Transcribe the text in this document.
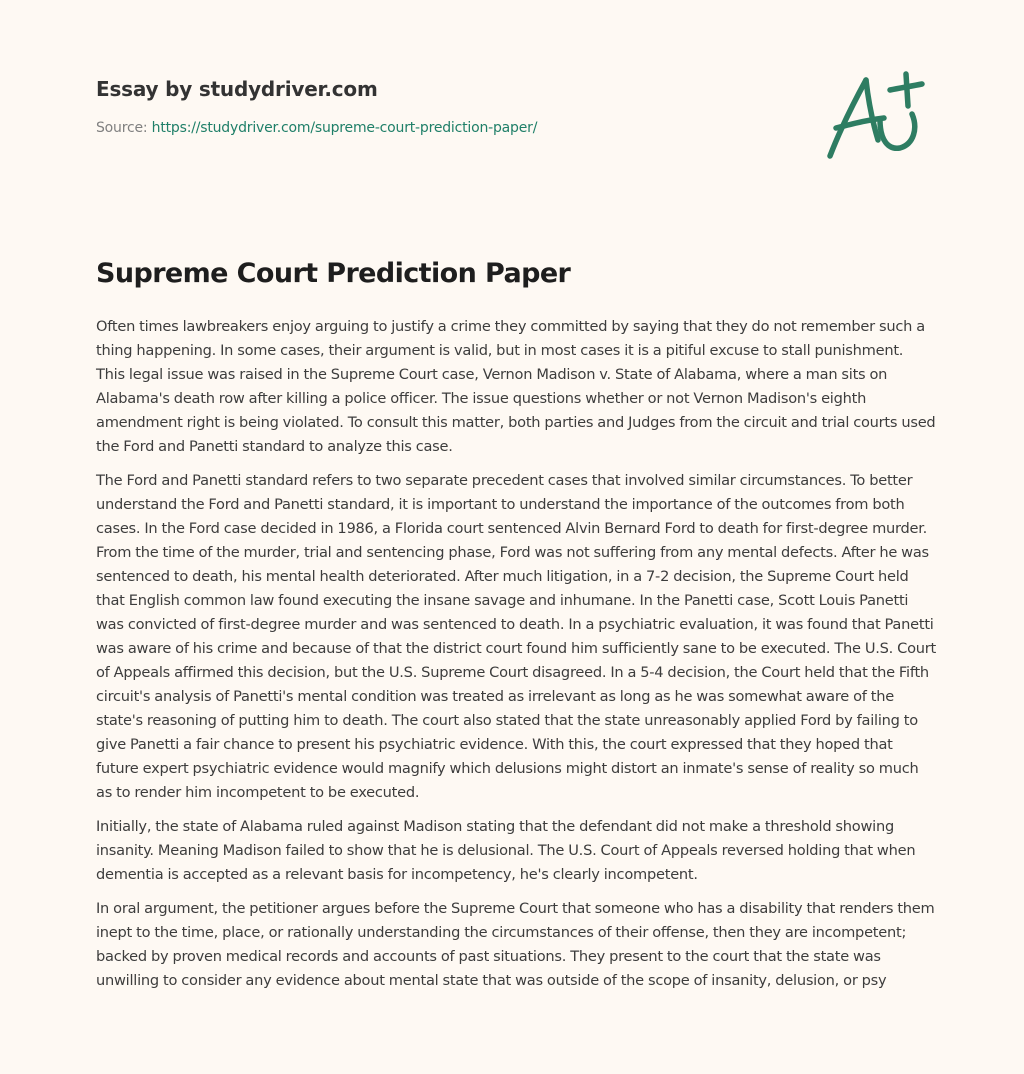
Essay by studydriver.com
Source: https://studydriver.com/supreme-court-prediction-paper/
Supreme Court Prediction Paper

Often times lawbreakers enjoy arguing to justify a crime they committed by saying that they do not remember such a thing happening. In some cases, their argument is valid, but in most cases it is a pitiful excuse to stall punishment. This legal issue was raised in the Supreme Court case, Vernon Madison v. State of Alabama, where a man sits on Alabama's death row after killing a police officer. The issue questions whether or not Vernon Madison's eighth amendment right is being violated. To consult this matter, both parties and Judges from the circuit and trial courts used the Ford and Panetti standard to analyze this case.

The Ford and Panetti standard refers to two separate precedent cases that involved similar circumstances. To better understand the Ford and Panetti standard, it is important to understand the importance of the outcomes from both cases. In the Ford case decided in 1986, a Florida court sentenced Alvin Bernard Ford to death for first-degree murder. From the time of the murder, trial and sentencing phase, Ford was not suffering from any mental defects. After he was sentenced to death, his mental health deteriorated. After much litigation, in a 7-2 decision, the Supreme Court held that English common law found executing the insane savage and inhumane. In the Panetti case, Scott Louis Panetti was convicted of first-degree murder and was sentenced to death. In a psychiatric evaluation, it was found that Panetti was aware of his crime and because of that the district court found him sufficiently sane to be executed. The U.S. Court of Appeals affirmed this decision, but the U.S. Supreme Court disagreed. In a 5-4 decision, the Court held that the Fifth circuit's analysis of Panetti's mental condition was treated as irrelevant as long as he was somewhat aware of the state's reasoning of putting him to death. The court also stated that the state unreasonably applied Ford by failing to give Panetti a fair chance to present his psychiatric evidence. With this, the court expressed that they hoped that future expert psychiatric evidence would magnify which delusions might distort an inmate's sense of reality so much as to render him incompetent to be executed.

Initially, the state of Alabama ruled against Madison stating that the defendant did not make a threshold showing insanity. Meaning Madison failed to show that he is delusional. The U.S. Court of Appeals reversed holding that when dementia is accepted as a relevant basis for incompetency, he's clearly incompetent.

In oral argument, the petitioner argues before the Supreme Court that someone who has a disability that renders them inept to the time, place, or rationally understanding the circumstances of their offense, then they are incompetent; backed by proven medical records and accounts of past situations. They present to the court that the state was unwilling to consider any evidence about mental state that was outside of the scope of insanity, delusion, or psy
